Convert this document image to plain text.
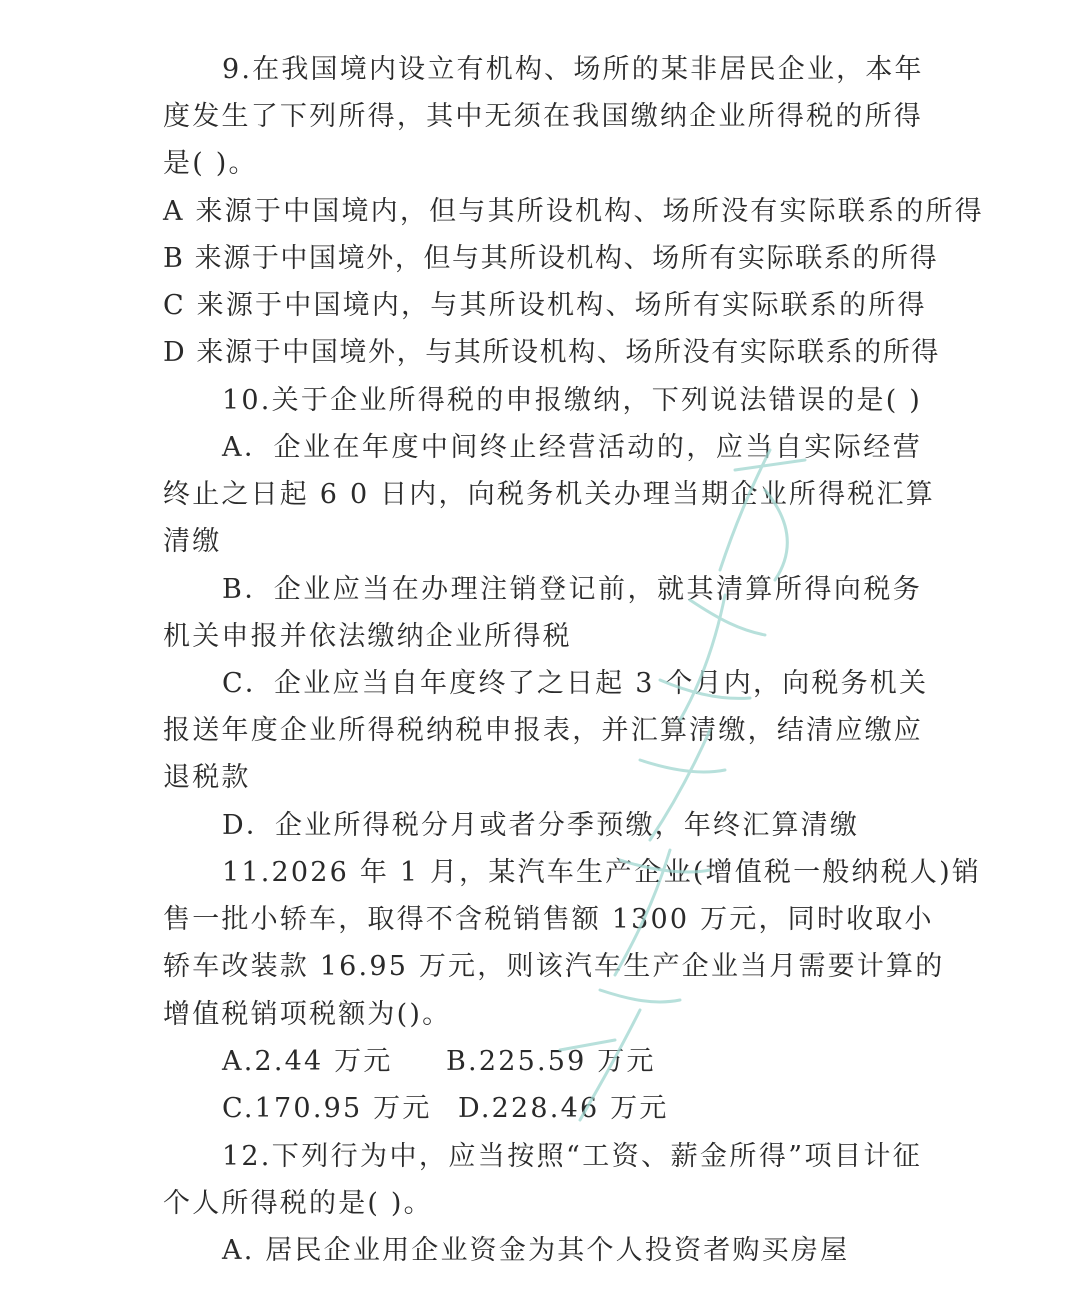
9.在我国境内设立有机构、场所的某非居民企业，本年
度发生了下列所得，其中无须在我国缴纳企业所得税的所得
是( )。
A 来源于中国境内，但与其所设机构、场所没有实际联系的所得
B 来源于中国境外，但与其所设机构、场所有实际联系的所得
C 来源于中国境内，与其所设机构、场所有实际联系的所得
D 来源于中国境外，与其所设机构、场所没有实际联系的所得
10.关于企业所得税的申报缴纳，下列说法错误的是( )
A．企业在年度中间终止经营活动的，应当自实际经营
终止之日起 6 0 日内，向税务机关办理当期企业所得税汇算
清缴
B．企业应当在办理注销登记前，就其清算所得向税务
机关申报并依法缴纳企业所得税
C．企业应当自年度终了之日起 3 个月内，向税务机关
报送年度企业所得税纳税申报表，并汇算清缴，结清应缴应
退税款
D．企业所得税分月或者分季预缴，年终汇算清缴
11.2026 年 1 月，某汽车生产企业(增值税一般纳税人)销
售一批小轿车，取得不含税销售额 1300 万元，同时收取小
轿车改装款 16.95 万元，则该汽车生产企业当月需要计算的
增值税销项税额为()。
A.2.44 万元	B.225.59 万元
C.170.95 万元 D.228.46 万元
12.下列行为中，应当按照“工资、薪金所得”项目计征
个人所得税的是( )。
A. 居民企业用企业资金为其个人投资者购买房屋
